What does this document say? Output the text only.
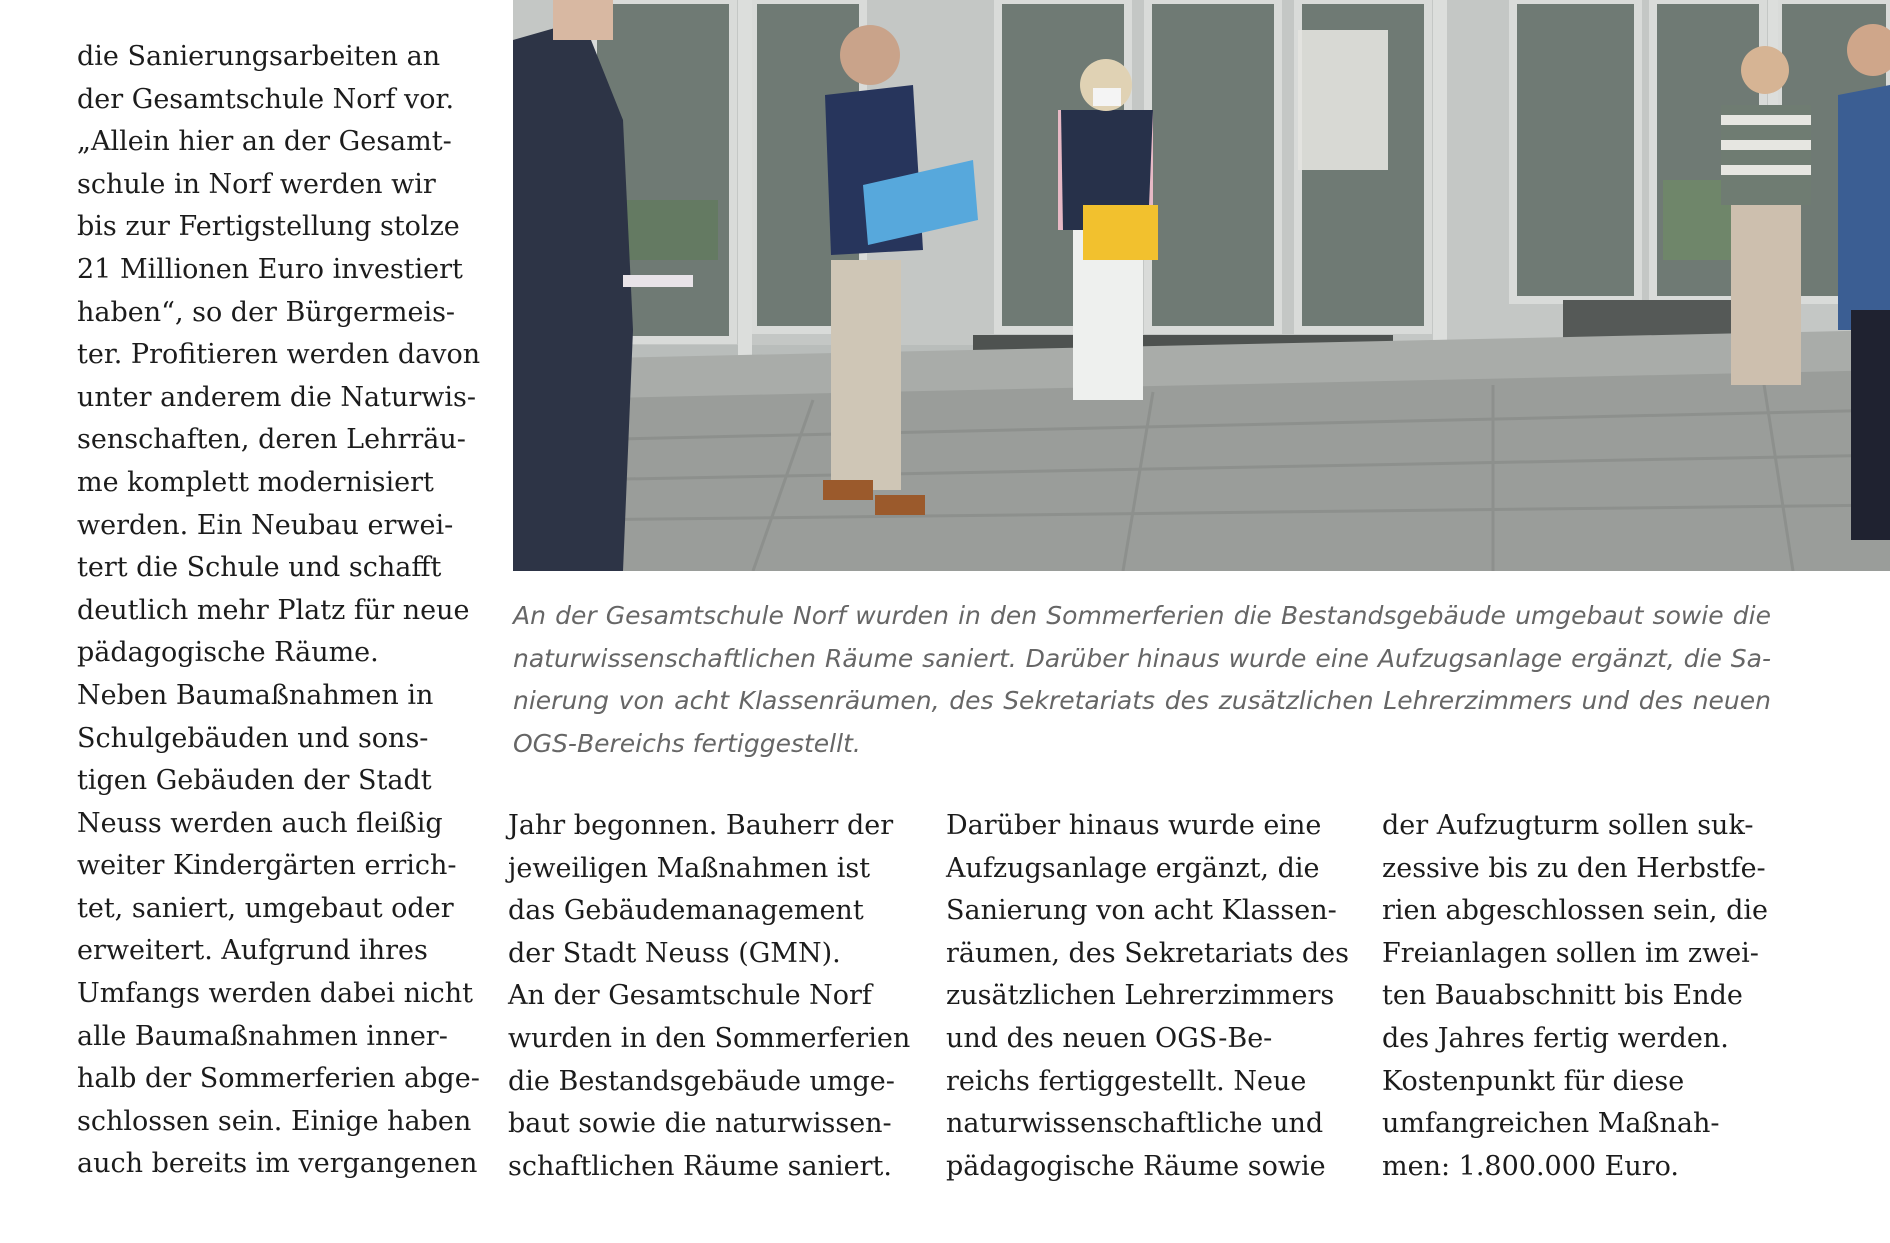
die Sanierungsarbeiten an
der Gesamtschule Norf vor.
„Allein hier an der Gesamt-
schule in Norf werden wir
bis zur Fertigstellung stolze
21 Millionen Euro investiert
haben“, so der Bürgermeis-
ter. Profitieren werden davon
unter anderem die Naturwis-
senschaften, deren Lehrräu-
me komplett modernisiert
werden. Ein Neubau erwei-
tert die Schule und schafft
deutlich mehr Platz für neue
pädagogische Räume.
Neben Baumaßnahmen in
Schulgebäuden und sons-
tigen Gebäuden der Stadt
Neuss werden auch fleißig
weiter Kindergärten errich-
tet, saniert, umgebaut oder
erweitert. Aufgrund ihres
Umfangs werden dabei nicht
alle Baumaßnahmen inner-
halb der Sommerferien abge-
schlossen sein. Einige haben
auch bereits im vergangenen
An der Gesamtschule Norf wurden in den Sommerferien die Bestandsgebäude umgebaut sowie die
naturwissenschaftlichen Räume saniert. Darüber hinaus wurde eine Aufzugsanlage ergänzt, die Sa-
nierung von acht Klassenräumen, des Sekretariats des zusätzlichen Lehrerzimmers und des neuen
OGS-Bereichs fertiggestellt.
Jahr begonnen. Bauherr der
jeweiligen Maßnahmen ist
das Gebäudemanagement
der Stadt Neuss (GMN).
An der Gesamtschule Norf
wurden in den Sommerferien
die Bestandsgebäude umge-
baut sowie die naturwissen-
schaftlichen Räume saniert.
Darüber hinaus wurde eine
Aufzugsanlage ergänzt, die
Sanierung von acht Klassen-
räumen, des Sekretariats des
zusätzlichen Lehrerzimmers
und des neuen OGS-Be-
reichs fertiggestellt. Neue
naturwissenschaftliche und
pädagogische Räume sowie
der Aufzugturm sollen suk-
zessive bis zu den Herbstfe-
rien abgeschlossen sein, die
Freianlagen sollen im zwei-
ten Bauabschnitt bis Ende
des Jahres fertig werden.
Kostenpunkt für diese
umfangreichen Maßnah-
men: 1.800.000 Euro.
